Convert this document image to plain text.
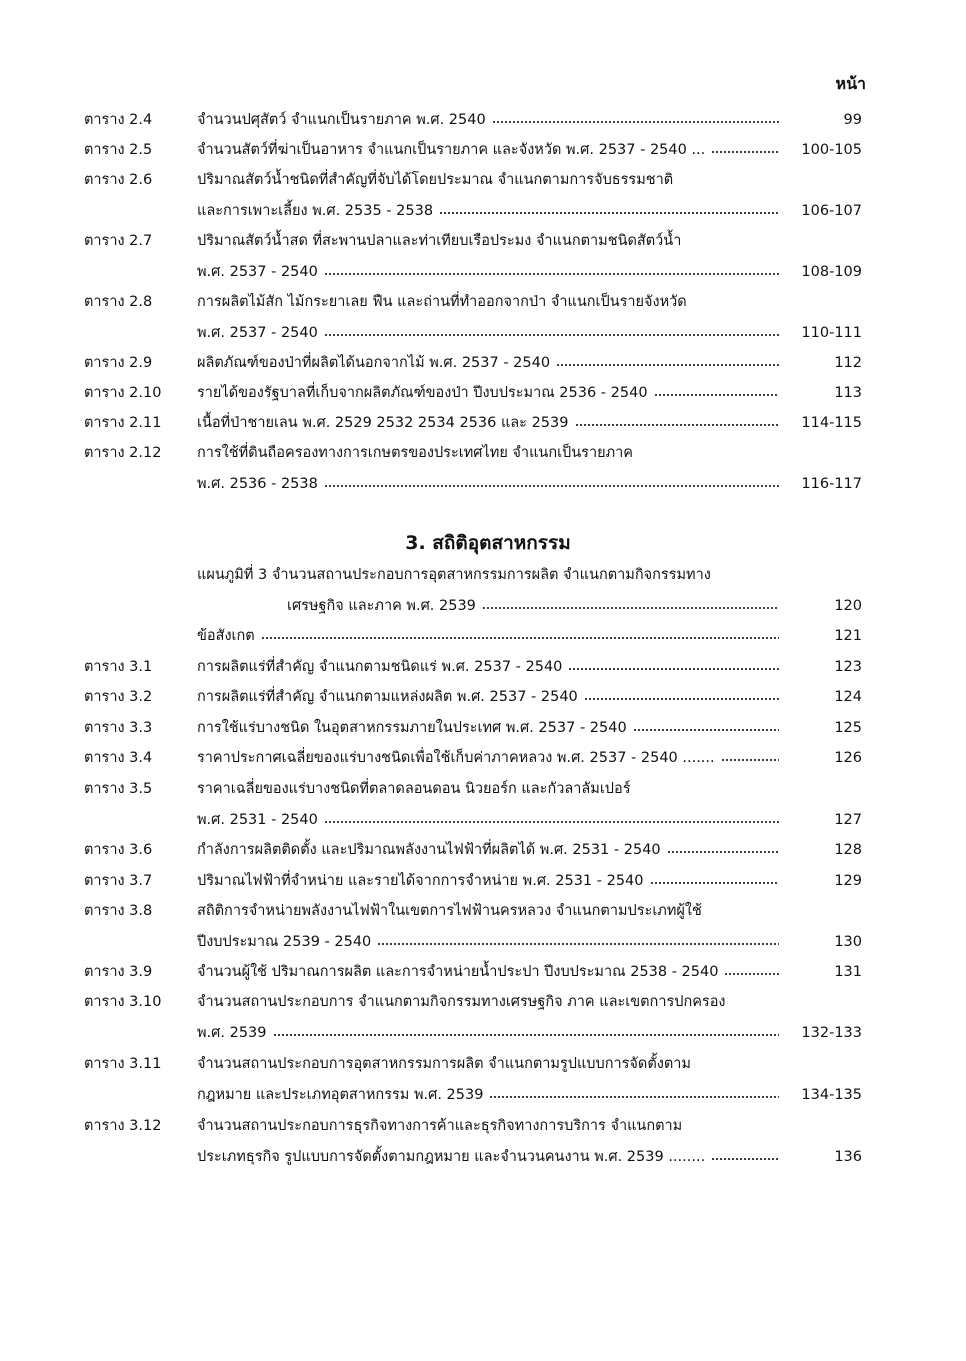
หน้า
ตาราง 2.4	จำนวนปศุสัตว์ จำแนกเป็นรายภาค พ.ศ. 2540	99
ตาราง 2.5	จำนวนสัตว์ที่ฆ่าเป็นอาหาร จำแนกเป็นรายภาค และจังหวัด พ.ศ. 2537 - 2540 ...	100-105
ตาราง 2.6	ปริมาณสัตว์น้ำชนิดที่สำคัญที่จับได้โดยประมาณ จำแนกตามการจับธรรมชาติ
และการเพาะเลี้ยง พ.ศ. 2535 - 2538	106-107
ตาราง 2.7	ปริมาณสัตว์น้ำสด ที่สะพานปลาและท่าเทียบเรือประมง จำแนกตามชนิดสัตว์น้ำ
พ.ศ. 2537 - 2540	108-109
ตาราง 2.8	การผลิตไม้สัก ไม้กระยาเลย ฟืน และถ่านที่ทำออกจากป่า จำแนกเป็นรายจังหวัด
พ.ศ. 2537 - 2540	110-111
ตาราง 2.9	ผลิตภัณฑ์ของป่าที่ผลิตได้นอกจากไม้ พ.ศ. 2537 - 2540	112
ตาราง 2.10 รายได้ของรัฐบาลที่เก็บจากผลิตภัณฑ์ของป่า ปีงบประมาณ 2536 - 2540	113
ตาราง 2.11 เนื้อที่ป่าชายเลน พ.ศ. 2529 2532 2534 2536 และ 2539	114-115
ตาราง 2.12 การใช้ที่ดินถือครองทางการเกษตรของประเทศไทย จำแนกเป็นรายภาค
พ.ศ. 2536 - 2538	116-117
แผนภูมิที่ 3 จำนวนสถานประกอบการอุตสาหกรรมการผลิต จำแนกตามกิจกรรมทาง
เศรษฐกิจ และภาค พ.ศ. 2539	120
ข้อสังเกต	121
ตาราง 3.1	การผลิตแร่ที่สำคัญ จำแนกตามชนิดแร่ พ.ศ. 2537 - 2540	123
ตาราง 3.2	การผลิตแร่ที่สำคัญ จำแนกตามแหล่งผลิต พ.ศ. 2537 - 2540	124
ตาราง 3.3	การใช้แร่บางชนิด ในอุตสาหกรรมภายในประเทศ พ.ศ. 2537 - 2540	125
ตาราง 3.4	ราคาประกาศเฉลี่ยของแร่บางชนิดเพื่อใช้เก็บค่าภาคหลวง พ.ศ. 2537 - 2540 .......	126
ตาราง 3.5	ราคาเฉลี่ยของแร่บางชนิดที่ตลาดลอนดอน นิวยอร์ก และกัวลาลัมเปอร์
พ.ศ. 2531 - 2540	127
ตาราง 3.6	กำลังการผลิตติดตั้ง และปริมาณพลังงานไฟฟ้าที่ผลิตได้ พ.ศ. 2531 - 2540	128
ตาราง 3.7	ปริมาณไฟฟ้าที่จำหน่าย และรายได้จากการจำหน่าย พ.ศ. 2531 - 2540	129
ตาราง 3.8	สถิติการจำหน่ายพลังงานไฟฟ้าในเขตการไฟฟ้านครหลวง จำแนกตามประเภทผู้ใช้
ปีงบประมาณ 2539 - 2540	130
ตาราง 3.9	จำนวนผู้ใช้ ปริมาณการผลิต และการจำหน่ายน้ำประปา ปีงบประมาณ 2538 - 2540	131
ตาราง 3.10 จำนวนสถานประกอบการ จำแนกตามกิจกรรมทางเศรษฐกิจ ภาค และเขตการปกครอง
พ.ศ. 2539	132-133
ตาราง 3.11 จำนวนสถานประกอบการอุตสาหกรรมการผลิต จำแนกตามรูปแบบการจัดตั้งตาม
กฎหมาย และประเภทอุตสาหกรรม พ.ศ. 2539	134-135
ตาราง 3.12 จำนวนสถานประกอบการธุรกิจทางการค้าและธุรกิจทางการบริการ จำแนกตาม
ประเภทธุรกิจ รูปแบบการจัดตั้งตามกฎหมาย และจำนวนคนงาน พ.ศ. 2539 ........	136
3. สถิติอุตสาหกรรม
